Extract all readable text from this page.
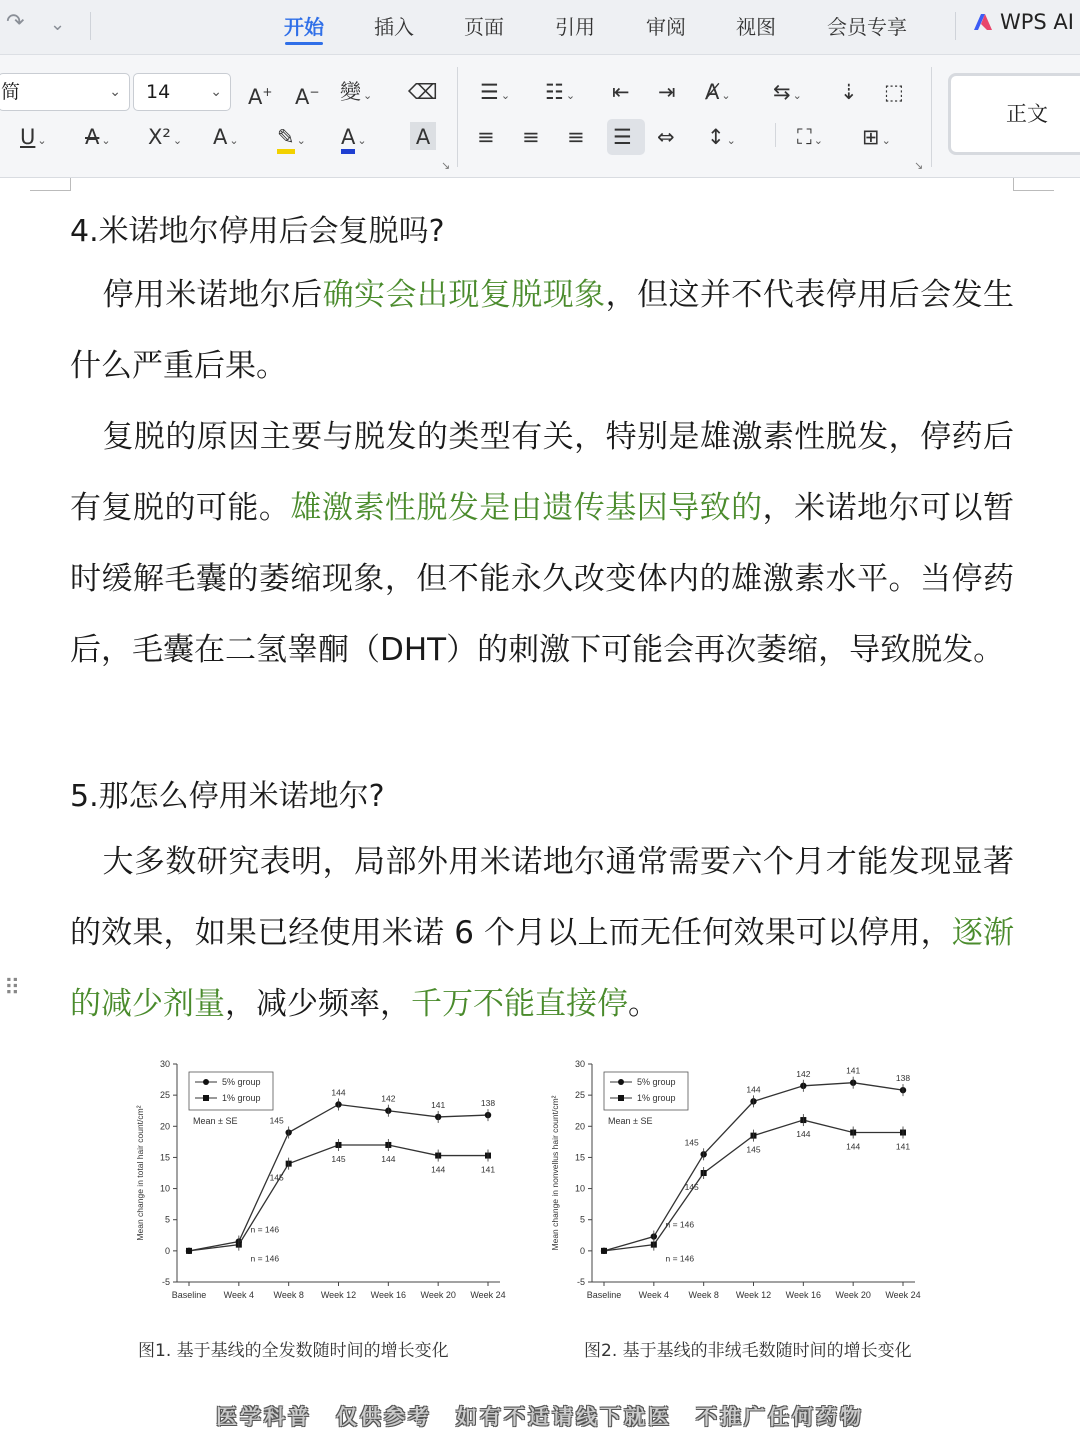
↷ ⌄	开始	插入	页面	引用	审阅	视图	会员专享	WPS AI
简	⌄	14	⌄ A+ A− 變 ⌄ ⌫
U ⌄ A ⌄ X² ⌄ A ⌄ ✎ ⌄ A ⌄ A
↘
☰ ⌄ ☷ ⌄ ⇤ ⇥ Ⱥ ⌄ ⇆ ⌄ ⇣ ⬚
≡ ≡ ≡ ☰ ⇔ ↕ ⌄	⛶ ⌄ ⊞ ⌄
↘
正文
4.米诺地尔停用后会复脱吗?

停用米诺地尔后确实会出现复脱现象，但这并不代表停用后会发生什么严重后果。

复脱的原因主要与脱发的类型有关，特别是雄激素性脱发，停药后有复脱的可能。雄激素性脱发是由遗传基因导致的，米诺地尔可以暂时缓解毛囊的萎缩现象，但不能永久改变体内的雄激素水平。当停药后，毛囊在二氢睾酮（DHT）的刺激下可能会再次萎缩，导致脱发。

5.那怎么停用米诺地尔?

大多数研究表明，局部外用米诺地尔通常需要六个月才能发现显著的效果，如果已经使用米诺 6 个月以上而无任何效果可以停用，逐渐的减少剂量，减少频率，千万不能直接停。

⠿
-5
0
5
10
15
20
25
30
Baseline Week 4 Week 8 Week 12 Week 16 Week 20 Week 24
Mean change in total hair count/cm²	n = 146
145
144
142
141	138
n = 146
145
145	144
144	141
5% group
1% group
Mean ± SE
-5
0
5
10
15
20
25
30
Baseline Week 4 Week 8 Week 12 Week 16 Week 20 Week 24
Mean change in nonvellus hair count/cm²	n = 146
145
144
142	141
138
n = 146
145
145
144
144	141
5% group
1% group
Mean ± SE
图1. 基于基线的全发数随时间的增长变化	图2. 基于基线的非绒毛数随时间的增长变化
医学科普　仅供参考　如有不适请线下就医　不推广任何药物
